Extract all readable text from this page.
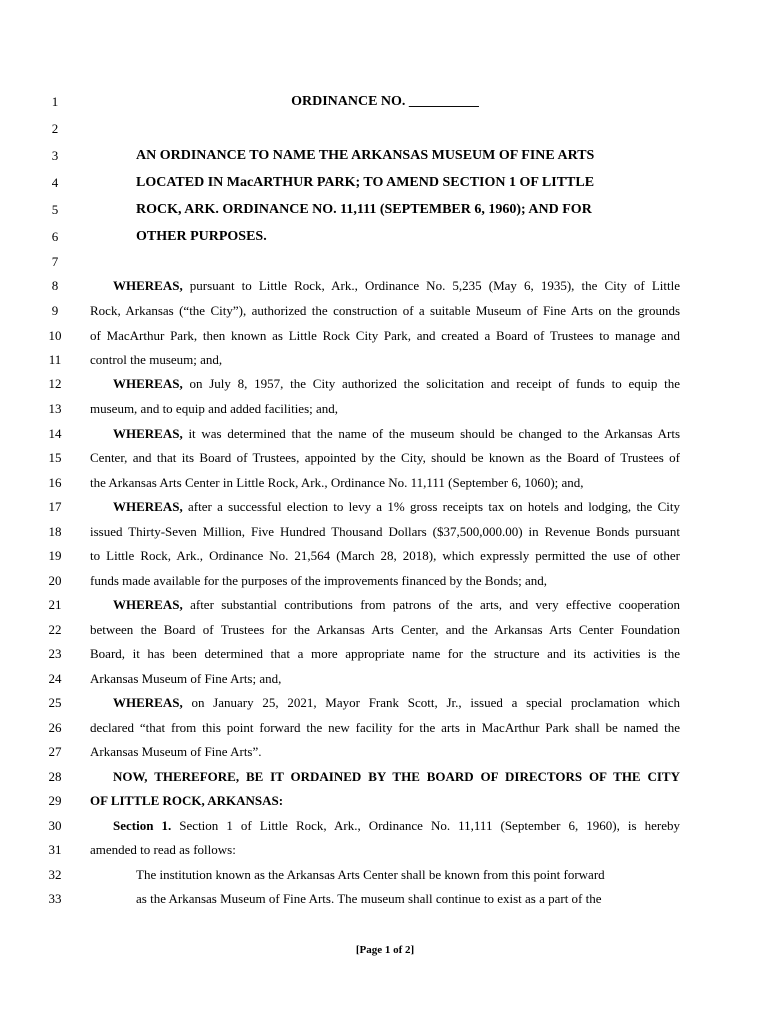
1
2
3
4
5
6
7
8
9
10
11
12
13
14
15
16
17
18
19
20
21
22
23
24
25
26
27
28
29
30
31
32
33
ORDINANCE NO. __________
AN ORDINANCE TO NAME THE ARKANSAS MUSEUM OF FINE ARTS
LOCATED IN MacARTHUR PARK; TO AMEND SECTION 1 OF LITTLE
ROCK, ARK. ORDINANCE NO. 11,111 (SEPTEMBER 6, 1960); AND FOR
OTHER PURPOSES.
WHEREAS, pursuant to Little Rock, Ark., Ordinance No. 5,235 (May 6, 1935), the City of Little
Rock, Arkansas (“the City”), authorized the construction of a suitable Museum of Fine Arts on the grounds
of MacArthur Park, then known as Little Rock City Park, and created a Board of Trustees to manage and
control the museum; and,
WHEREAS, on July 8, 1957, the City authorized the solicitation and receipt of funds to equip the
museum, and to equip and added facilities; and,
WHEREAS, it was determined that the name of the museum should be changed to the Arkansas Arts
Center, and that its Board of Trustees, appointed by the City, should be known as the Board of Trustees of
the Arkansas Arts Center in Little Rock, Ark., Ordinance No. 11,111 (September 6, 1060); and,
WHEREAS, after a successful election to levy a 1% gross receipts tax on hotels and lodging, the City
issued Thirty-Seven Million, Five Hundred Thousand Dollars ($37,500,000.00) in Revenue Bonds pursuant
to Little Rock, Ark., Ordinance No. 21,564 (March 28, 2018), which expressly permitted the use of other
funds made available for the purposes of the improvements financed by the Bonds; and,
WHEREAS, after substantial contributions from patrons of the arts, and very effective cooperation
between the Board of Trustees for the Arkansas Arts Center, and the Arkansas Arts Center Foundation
Board, it has been determined that a more appropriate name for the structure and its activities is the
Arkansas Museum of Fine Arts; and,
WHEREAS, on January 25, 2021, Mayor Frank Scott, Jr., issued a special proclamation which
declared “that from this point forward the new facility for the arts in MacArthur Park shall be named the
Arkansas Museum of Fine Arts”.
NOW, THEREFORE, BE IT ORDAINED BY THE BOARD OF DIRECTORS OF THE CITY
OF LITTLE ROCK, ARKANSAS:
Section 1. Section 1 of Little Rock, Ark., Ordinance No. 11,111 (September 6, 1960), is hereby
amended to read as follows:
The institution known as the Arkansas Arts Center shall be known from this point forward
as the Arkansas Museum of Fine Arts. The museum shall continue to exist as a part of the
[Page 1 of 2]
